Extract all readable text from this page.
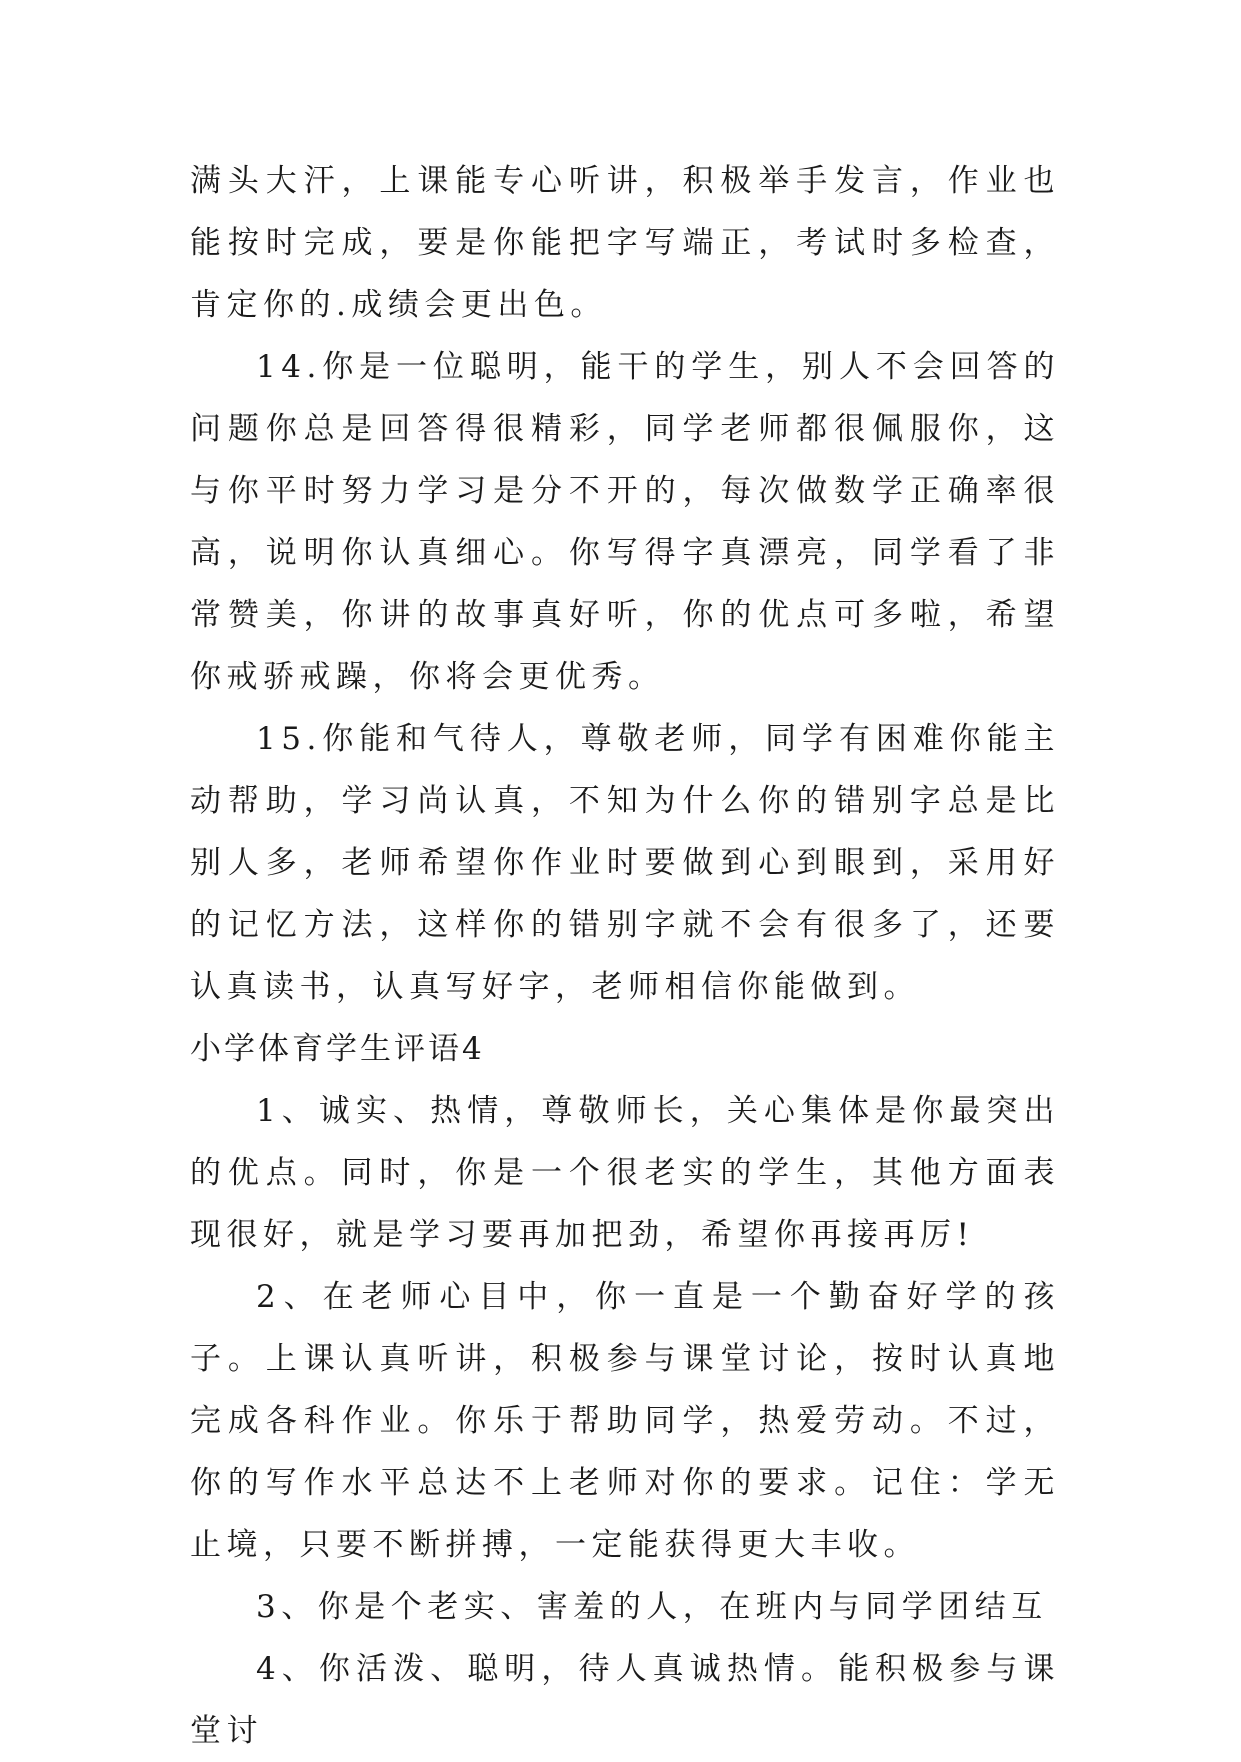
满头大汗，上课能专心听讲，积极举手发言，作业也能按时完成，要是你能把字写端正，考试时多检查，肯定你的.成绩会更出色。

14.你是一位聪明，能干的学生，别人不会回答的问题你总是回答得很精彩，同学老师都很佩服你，这与你平时努力学习是分不开的，每次做数学正确率很高，说明你认真细心。你写得字真漂亮，同学看了非常赞美，你讲的故事真好听，你的优点可多啦，希望你戒骄戒躁，你将会更优秀。

15.你能和气待人，尊敬老师，同学有困难你能主动帮助，学习尚认真，不知为什么你的错别字总是比别人多，老师希望你作业时要做到心到眼到，采用好的记忆方法，这样你的错别字就不会有很多了，还要认真读书，认真写好字，老师相信你能做到。

小学体育学生评语4

1、诚实、热情，尊敬师长，关心集体是你最突出的优点。同时，你是一个很老实的学生，其他方面表现很好，就是学习要再加把劲，希望你再接再厉!

2、在老师心目中，你一直是一个勤奋好学的孩子。上课认真听讲，积极参与课堂讨论，按时认真地完成各科作业。你乐于帮助同学，热爱劳动。不过，你的写作水平总达不上老师对你的要求。记住：学无止境，只要不断拼搏，一定能获得更大丰收。

3、你是个老实、害羞的人，在班内与同学团结互

4、你活泼、聪明，待人真诚热情。能积极参与课堂讨
